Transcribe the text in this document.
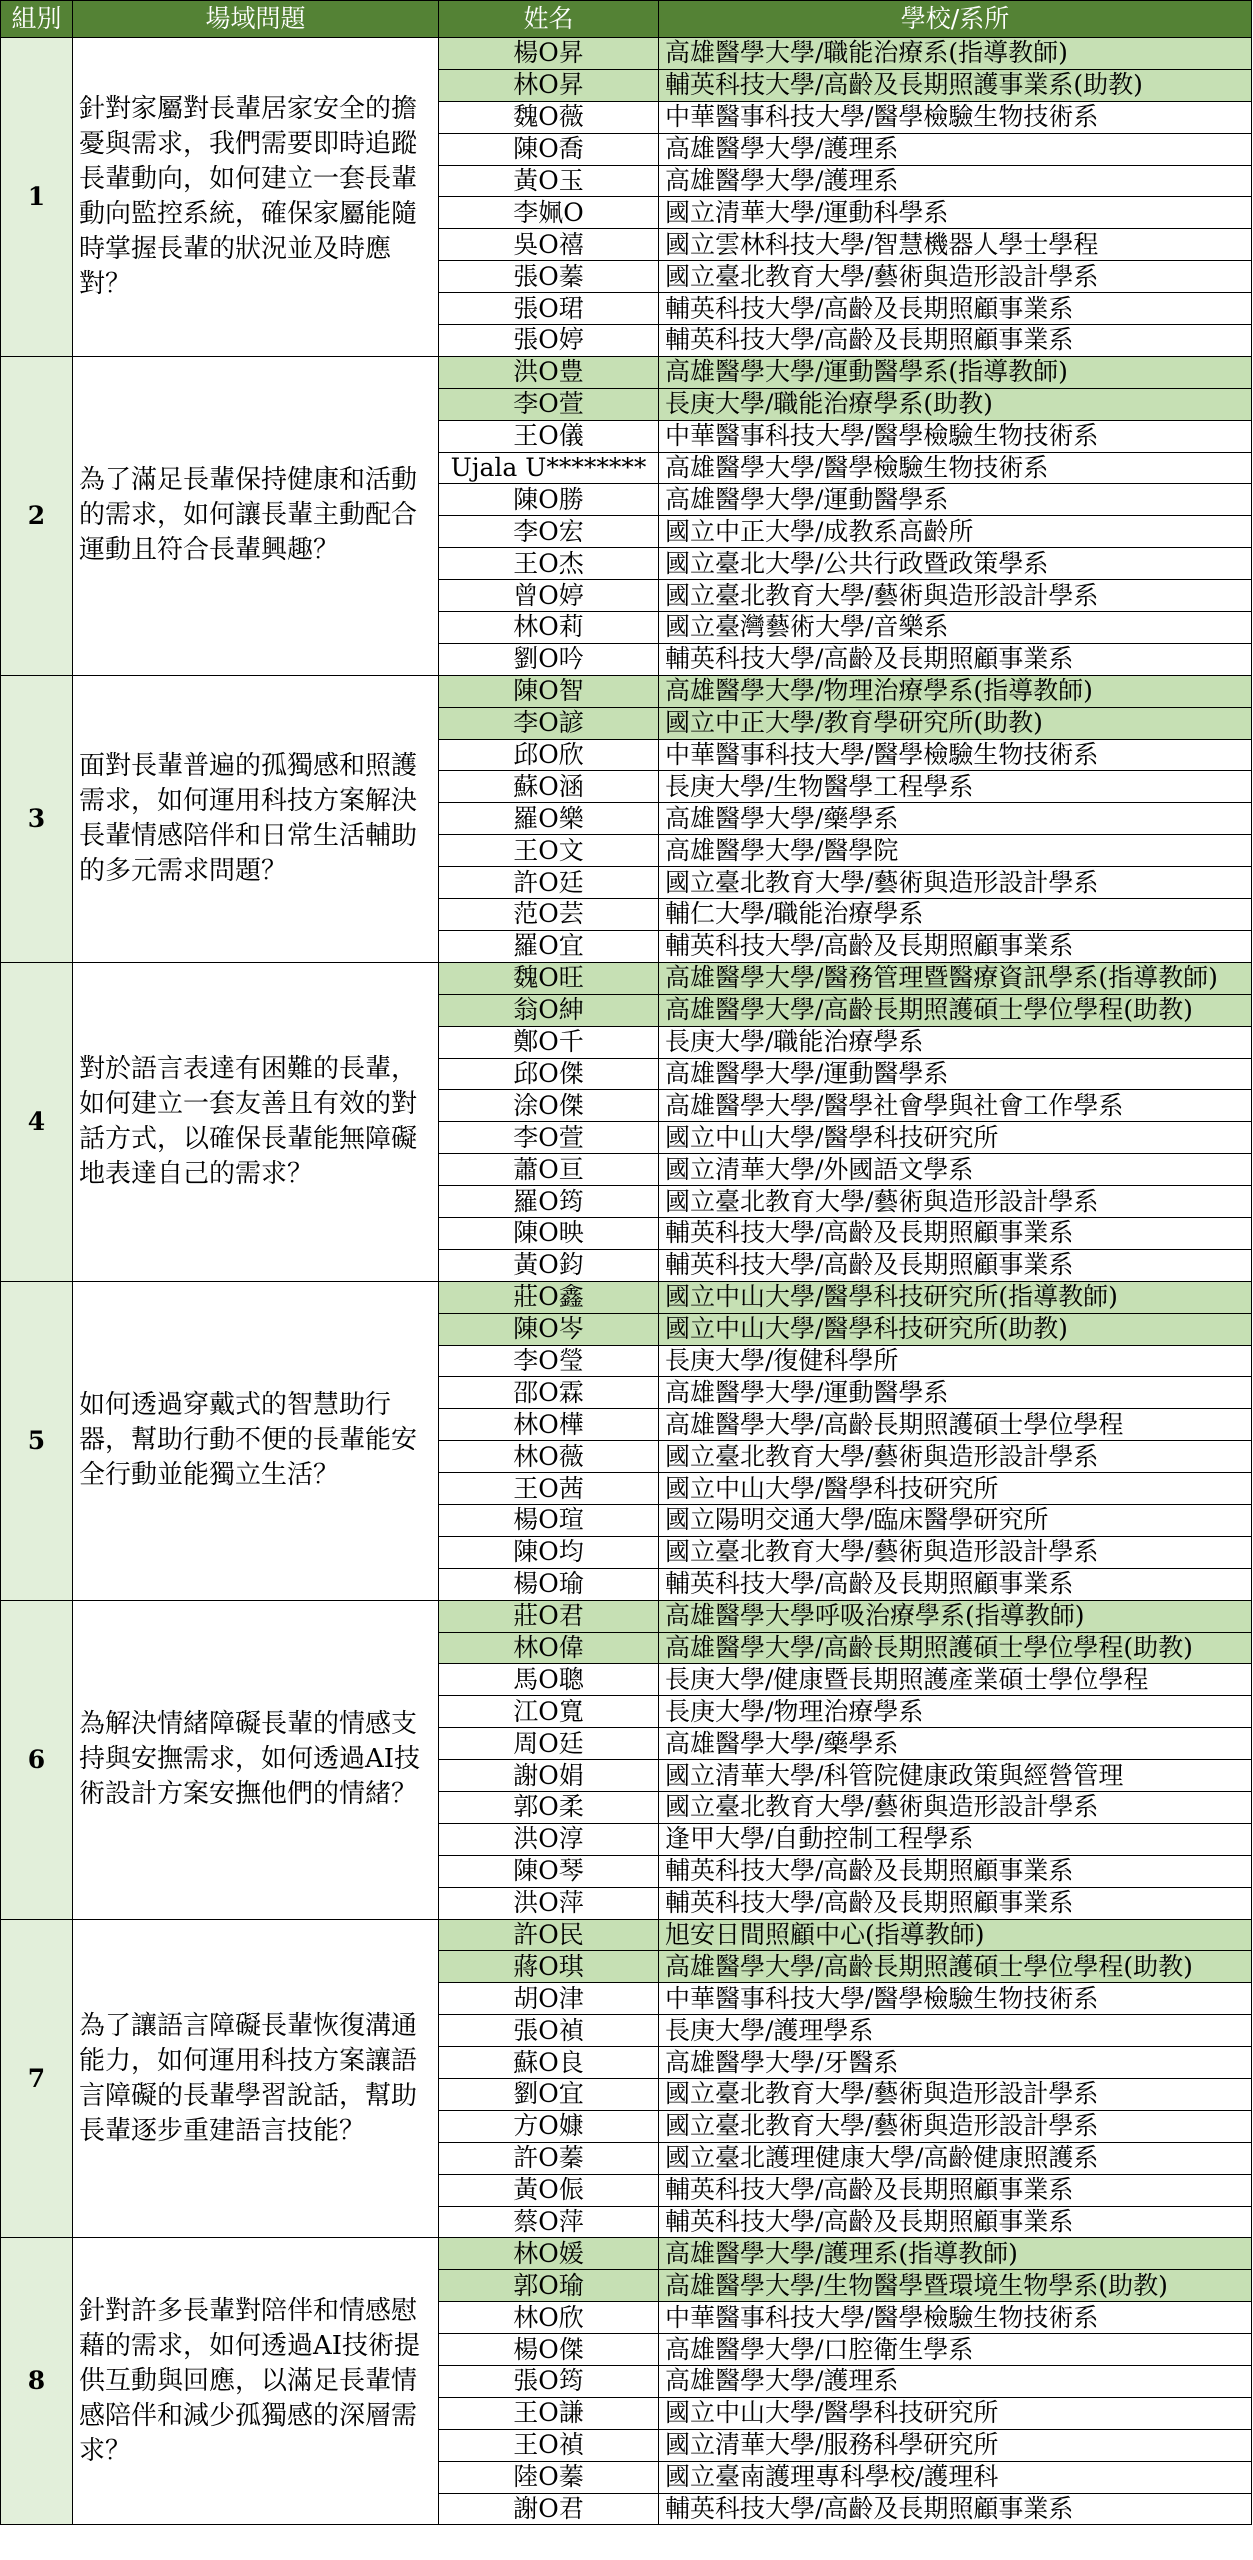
組別	場域問題	姓名	學校/系所
1	針對家屬對長輩居家安全的擔憂與需求，我們需要即時追蹤長輩動向，如何建立一套長輩動向監控系統，確保家屬能隨時掌握長輩的狀況並及時應對？	楊O昇	高雄醫學大學/職能治療系(指導教師)
		林O昇	輔英科技大學/高齡及長期照護事業系(助教)
		魏O薇	中華醫事科技大學/醫學檢驗生物技術系
		陳O喬	高雄醫學大學/護理系
		黃O玉	高雄醫學大學/護理系
		李姵O	國立清華大學/運動科學系
		吳O禧	國立雲林科技大學/智慧機器人學士學程
		張O蓁	國立臺北教育大學/藝術與造形設計學系
		張O珺	輔英科技大學/高齡及長期照顧事業系
		張O婷	輔英科技大學/高齡及長期照顧事業系
2	為了滿足長輩保持健康和活動的需求，如何讓長輩主動配合運動且符合長輩興趣？	洪O豊	高雄醫學大學/運動醫學系(指導教師)
		李O萱	長庚大學/職能治療學系(助教)
		王O儀	中華醫事科技大學/醫學檢驗生物技術系
		Ujala U********	高雄醫學大學/醫學檢驗生物技術系
		陳O勝	高雄醫學大學/運動醫學系
		李O宏	國立中正大學/成教系高齡所
		王O杰	國立臺北大學/公共行政暨政策學系
		曾O婷	國立臺北教育大學/藝術與造形設計學系
		林O莉	國立臺灣藝術大學/音樂系
		劉O吟	輔英科技大學/高齡及長期照顧事業系
3	面對長輩普遍的孤獨感和照護需求，如何運用科技方案解決長輩情感陪伴和日常生活輔助的多元需求問題？	陳O智	高雄醫學大學/物理治療學系(指導教師)
		李O諺	國立中正大學/教育學研究所(助教)
		邱O欣	中華醫事科技大學/醫學檢驗生物技術系
		蘇O涵	長庚大學/生物醫學工程學系
		羅O樂	高雄醫學大學/藥學系
		王O文	高雄醫學大學/醫學院
		許O廷	國立臺北教育大學/藝術與造形設計學系
		范O芸	輔仁大學/職能治療學系
		羅O宜	輔英科技大學/高齡及長期照顧事業系
4	對於語言表達有困難的長輩，如何建立一套友善且有效的對話方式，以確保長輩能無障礙地表達自己的需求？	魏O旺	高雄醫學大學/醫務管理暨醫療資訊學系(指導教師)
		翁O紳	高雄醫學大學/高齡長期照護碩士學位學程(助教)
		鄭O千	長庚大學/職能治療學系
		邱O傑	高雄醫學大學/運動醫學系
		涂O傑	高雄醫學大學/醫學社會學與社會工作學系
		李O萱	國立中山大學/醫學科技研究所
		蕭O亘	國立清華大學/外國語文學系
		羅O筠	國立臺北教育大學/藝術與造形設計學系
		陳O映	輔英科技大學/高齡及長期照顧事業系
		黃O鈞	輔英科技大學/高齡及長期照顧事業系
5	如何透過穿戴式的智慧助行器，幫助行動不便的長輩能安全行動並能獨立生活？	莊O鑫	國立中山大學/醫學科技研究所(指導教師)
		陳O岑	國立中山大學/醫學科技研究所(助教)
		李O瑩	長庚大學/復健科學所
		邵O霖	高雄醫學大學/運動醫學系
		林O樺	高雄醫學大學/高齡長期照護碩士學位學程
		林O薇	國立臺北教育大學/藝術與造形設計學系
		王O茜	國立中山大學/醫學科技研究所
		楊O瑄	國立陽明交通大學/臨床醫學研究所
		陳O均	國立臺北教育大學/藝術與造形設計學系
		楊O瑜	輔英科技大學/高齡及長期照顧事業系
6	為解決情緒障礙長輩的情感支持與安撫需求，如何透過AI技術設計方案安撫他們的情緒？	莊O君	高雄醫學大學呼吸治療學系(指導教師)
		林O偉	高雄醫學大學/高齡長期照護碩士學位學程(助教)
		馬O聰	長庚大學/健康暨長期照護產業碩士學位學程
		江O寬	長庚大學/物理治療學系
		周O廷	高雄醫學大學/藥學系
		謝O娟	國立清華大學/科管院健康政策與經營管理
		郭O柔	國立臺北教育大學/藝術與造形設計學系
		洪O淳	逢甲大學/自動控制工程學系
		陳O琴	輔英科技大學/高齡及長期照顧事業系
		洪O萍	輔英科技大學/高齡及長期照顧事業系
7	為了讓語言障礙長輩恢復溝通能力，如何運用科技方案讓語言障礙的長輩學習說話，幫助長輩逐步重建語言技能？	許O民	旭安日間照顧中心(指導教師)
		蔣O琪	高雄醫學大學/高齡長期照護碩士學位學程(助教)
		胡O津	中華醫事科技大學/醫學檢驗生物技術系
		張O禎	長庚大學/護理學系
		蘇O良	高雄醫學大學/牙醫系
		劉O宜	國立臺北教育大學/藝術與造形設計學系
		方O嫝	國立臺北教育大學/藝術與造形設計學系
		許O蓁	國立臺北護理健康大學/高齡健康照護系
		黃O侲	輔英科技大學/高齡及長期照顧事業系
		蔡O萍	輔英科技大學/高齡及長期照顧事業系
8	針對許多長輩對陪伴和情感慰藉的需求，如何透過AI技術提供互動與回應，以滿足長輩情感陪伴和減少孤獨感的深層需求？	林O媛	高雄醫學大學/護理系(指導教師)
		郭O瑜	高雄醫學大學/生物醫學暨環境生物學系(助教)
		林O欣	中華醫事科技大學/醫學檢驗生物技術系
		楊O傑	高雄醫學大學/口腔衛生學系
		張O筠	高雄醫學大學/護理系
		王O謙	國立中山大學/醫學科技研究所
		王O禎	國立清華大學/服務科學研究所
		陸O蓁	國立臺南護理專科學校/護理科
		謝O君	輔英科技大學/高齡及長期照顧事業系
